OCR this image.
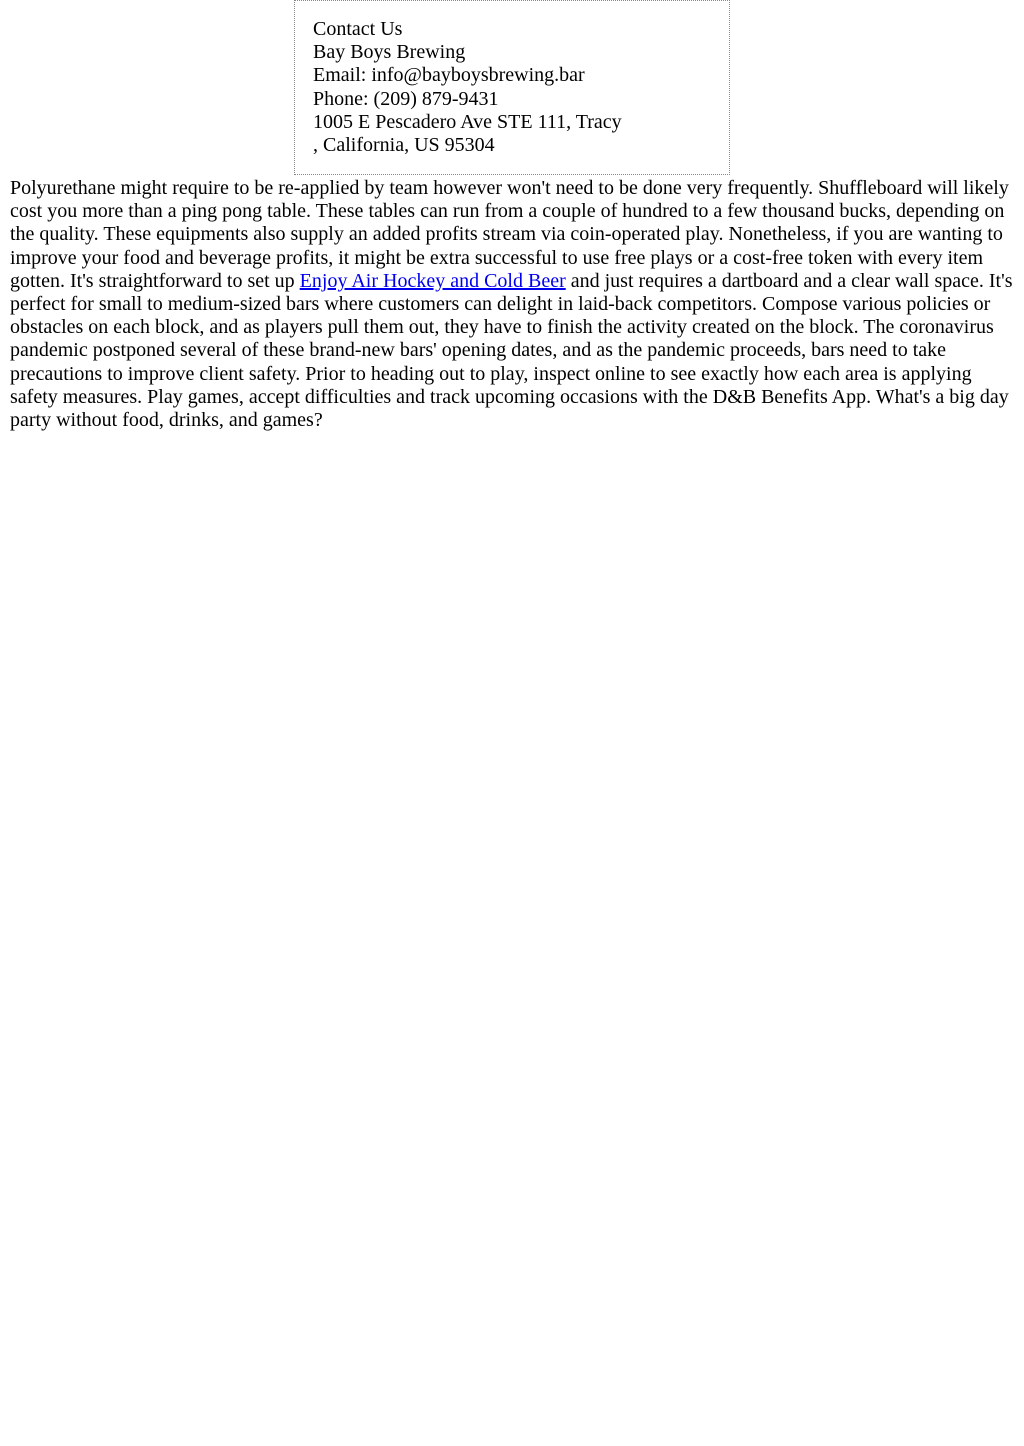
Contact Us
Bay Boys Brewing
Email: info@bayboysbrewing.bar
Phone: (209) 879-9431
1005 E Pescadero Ave STE 111, Tracy
, California, US 95304

Polyurethane might require to be re-applied by team however won't need to be done very frequently. Shuffleboard will likely cost you more than a ping pong table. These tables can run from a couple of hundred to a few thousand bucks, depending on the quality. These equipments also supply an added profits stream via coin-operated play. Nonetheless, if you are wanting to improve your food and beverage profits, it might be extra successful to use free plays or a cost-free token with every item gotten. It's straightforward to set up Enjoy Air Hockey and Cold Beer and just requires a dartboard and a clear wall space. It's perfect for small to medium-sized bars where customers can delight in laid-back competitors. Compose various policies or obstacles on each block, and as players pull them out, they have to finish the activity created on the block. The coronavirus pandemic postponed several of these brand-new bars' opening dates, and as the pandemic proceeds, bars need to take precautions to improve client safety. Prior to heading out to play, inspect online to see exactly how each area is applying safety measures. Play games, accept difficulties and track upcoming occasions with the D&B Benefits App. What's a big day party without food, drinks, and games?
